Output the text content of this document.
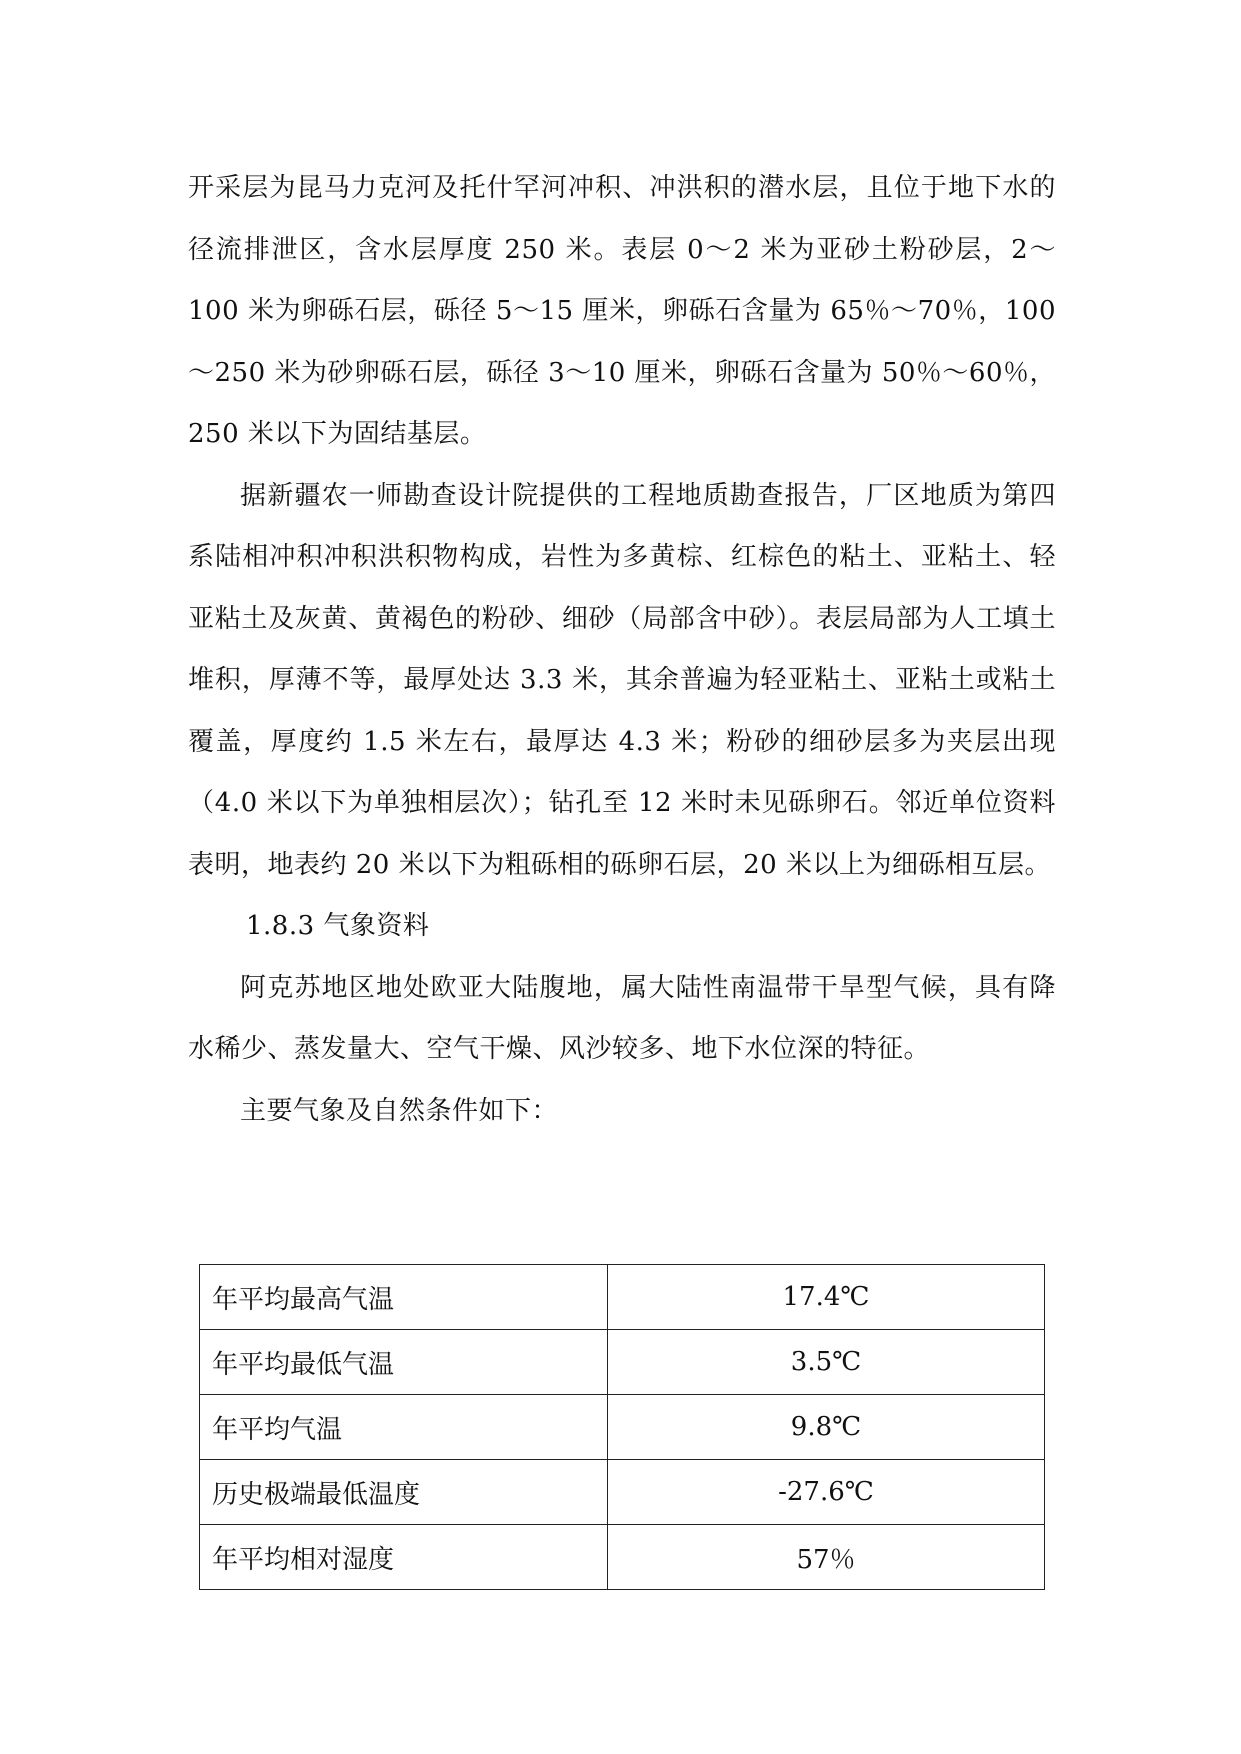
开采层为昆马力克河及托什罕河冲积、冲洪积的潜水层，且位于地下水的径流排泄区，含水层厚度 250 米。表层 0～2 米为亚砂土粉砂层，2～100 米为卵砾石层，砾径 5～15 厘米，卵砾石含量为 65％～70％，100～250 米为砂卵砾石层，砾径 3～10 厘米，卵砾石含量为 50％～60％，250 米以下为固结基层。

据新疆农一师勘查设计院提供的工程地质勘查报告，厂区地质为第四系陆相冲积冲积洪积物构成，岩性为多黄棕、红棕色的粘土、亚粘土、轻亚粘土及灰黄、黄褐色的粉砂、细砂（局部含中砂）。表层局部为人工填土堆积，厚薄不等，最厚处达 3.3 米，其余普遍为轻亚粘土、亚粘土或粘土覆盖，厚度约 1.5 米左右，最厚达 4.3 米；粉砂的细砂层多为夹层出现（4.0 米以下为单独相层次）；钻孔至 12 米时未见砾卵石。邻近单位资料表明，地表约 20 米以下为粗砾相的砾卵石层，20 米以上为细砾相互层。

1.8.3 气象资料

阿克苏地区地处欧亚大陆腹地，属大陆性南温带干旱型气候，具有降水稀少、蒸发量大、空气干燥、风沙较多、地下水位深的特征。

主要气象及自然条件如下：

年平均最高气温	17.4℃
年平均最低气温	3.5℃
年平均气温	9.8℃
历史极端最低温度	-27.6℃
年平均相对湿度	57％
